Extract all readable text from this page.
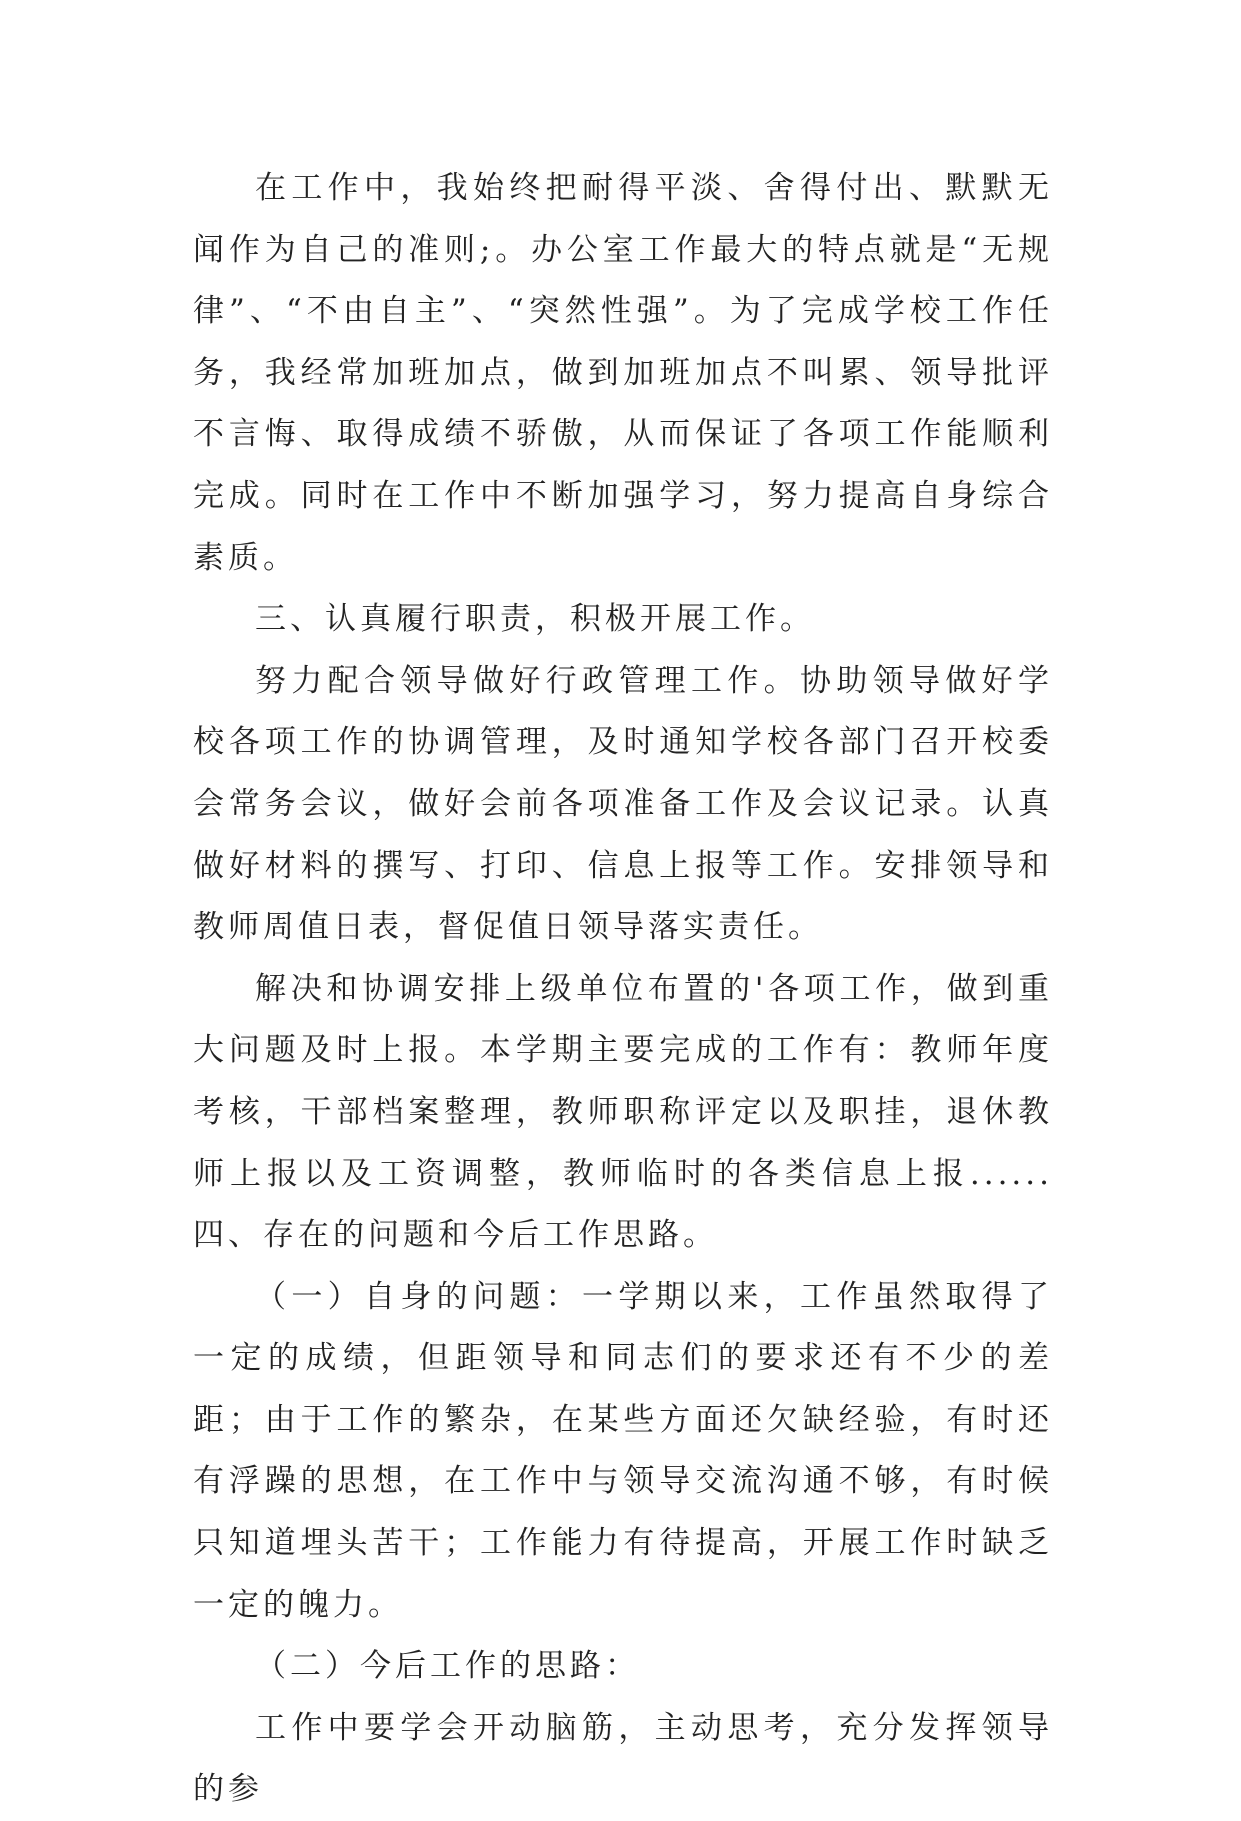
在工作中，我始终把耐得平淡、舍得付出、默默无闻作为自己的准则;。办公室工作最大的特点就是“无规律”、“不由自主”、“突然性强”。为了完成学校工作任务，我经常加班加点，做到加班加点不叫累、领导批评不言悔、取得成绩不骄傲，从而保证了各项工作能顺利完成。同时在工作中不断加强学习，努力提高自身综合素质。

三、认真履行职责，积极开展工作。

努力配合领导做好行政管理工作。协助领导做好学校各项工作的协调管理，及时通知学校各部门召开校委会常务会议，做好会前各项准备工作及会议记录。认真做好材料的撰写、打印、信息上报等工作。安排领导和教师周值日表，督促值日领导落实责任。

解决和协调安排上级单位布置的'各项工作，做到重大问题及时上报。本学期主要完成的工作有：教师年度考核，干部档案整理，教师职称评定以及职挂，退休教师上报以及工资调整，教师临时的各类信息上报...... 四、存在的问题和今后工作思路。

（一）自身的问题：一学期以来，工作虽然取得了一定的成绩，但距领导和同志们的要求还有不少的差距；由于工作的繁杂，在某些方面还欠缺经验，有时还有浮躁的思想，在工作中与领导交流沟通不够，有时候只知道埋头苦干；工作能力有待提高，开展工作时缺乏一定的魄力。

（二）今后工作的思路：

工作中要学会开动脑筋，主动思考，充分发挥领导的参
